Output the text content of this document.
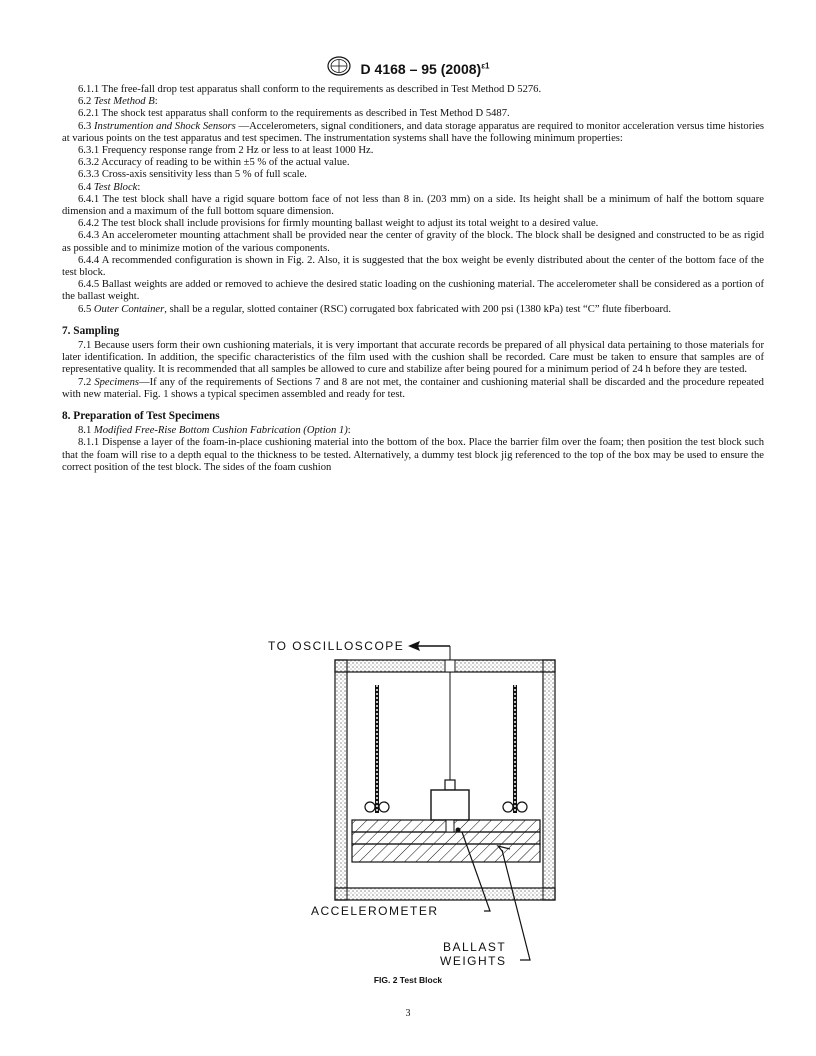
D 4168 – 95 $(2008)^{\varepsilon 1}$

6.1.1 The free-fall drop test apparatus shall conform to the requirements as described in Test Method D 5276.

6.2 Test Method B:

6.2.1 The shock test apparatus shall conform to the requirements as described in Test Method D 5487.

6.3 Instrumention and Shock Sensors —Accelerometers, signal conditioners, and data storage apparatus are required to monitor acceleration versus time histories at various points on the test apparatus and test specimen. The instrumentation systems shall have the following minimum properties:

6.3.1 Frequency response range from 2 Hz or less to at least 1000 Hz.

6.3.2 Accuracy of reading to be within ±5 % of the actual value.

6.3.3 Cross-axis sensitivity less than 5 % of full scale.

6.4 Test Block:

6.4.1 The test block shall have a rigid square bottom face of not less than 8 in. (203 mm) on a side. Its height shall be a minimum of half the bottom square dimension and a maximum of the full bottom square dimension.

6.4.2 The test block shall include provisions for firmly mounting ballast weight to adjust its total weight to a desired value.

6.4.3 An accelerometer mounting attachment shall be provided near the center of gravity of the block. The block shall be designed and constructed to be as rigid as possible and to minimize motion of the various components.

6.4.4 A recommended configuration is shown in Fig. 2. Also, it is suggested that the box weight be evenly distributed about the center of the bottom face of the test block.

6.4.5 Ballast weights are added or removed to achieve the desired static loading on the cushioning material. The accelerometer shall be considered as a portion of the ballast weight.

6.5 Outer Container, shall be a regular, slotted container (RSC) corrugated box fabricated with 200 psi (1380 kPa) test “C” flute fiberboard.

7. Sampling

7.1 Because users form their own cushioning materials, it is very important that accurate records be prepared of all physical data pertaining to those materials for later identification. In addition, the specific characteristics of the film used with the cushion shall be recorded. Care must be taken to ensure that samples are of representative quality. It is recommended that all samples be allowed to cure and stabilize after being poured for a minimum period of 24 h before they are tested.

7.2 Specimens—If any of the requirements of Sections 7 and 8 are not met, the container and cushioning material shall be discarded and the procedure repeated with new material. Fig. 1 shows a typical specimen assembled and ready for test.

8. Preparation of Test Specimens

8.1 Modified Free-Rise Bottom Cushion Fabrication (Option 1):

8.1.1 Dispense a layer of the foam-in-place cushioning material into the bottom of the box. Place the barrier film over the foam; then position the test block such that the foam will rise to a depth equal to the thickness to be tested. Alternatively, a dummy test block jig referenced to the top of the box may be used to ensure the correct position of the test block. The sides of the foam cushion

TO OSCILLOSCOPE
ACCELEROMETER
BALLAST
WEIGHTS
FIG. 2 Test Block
3
